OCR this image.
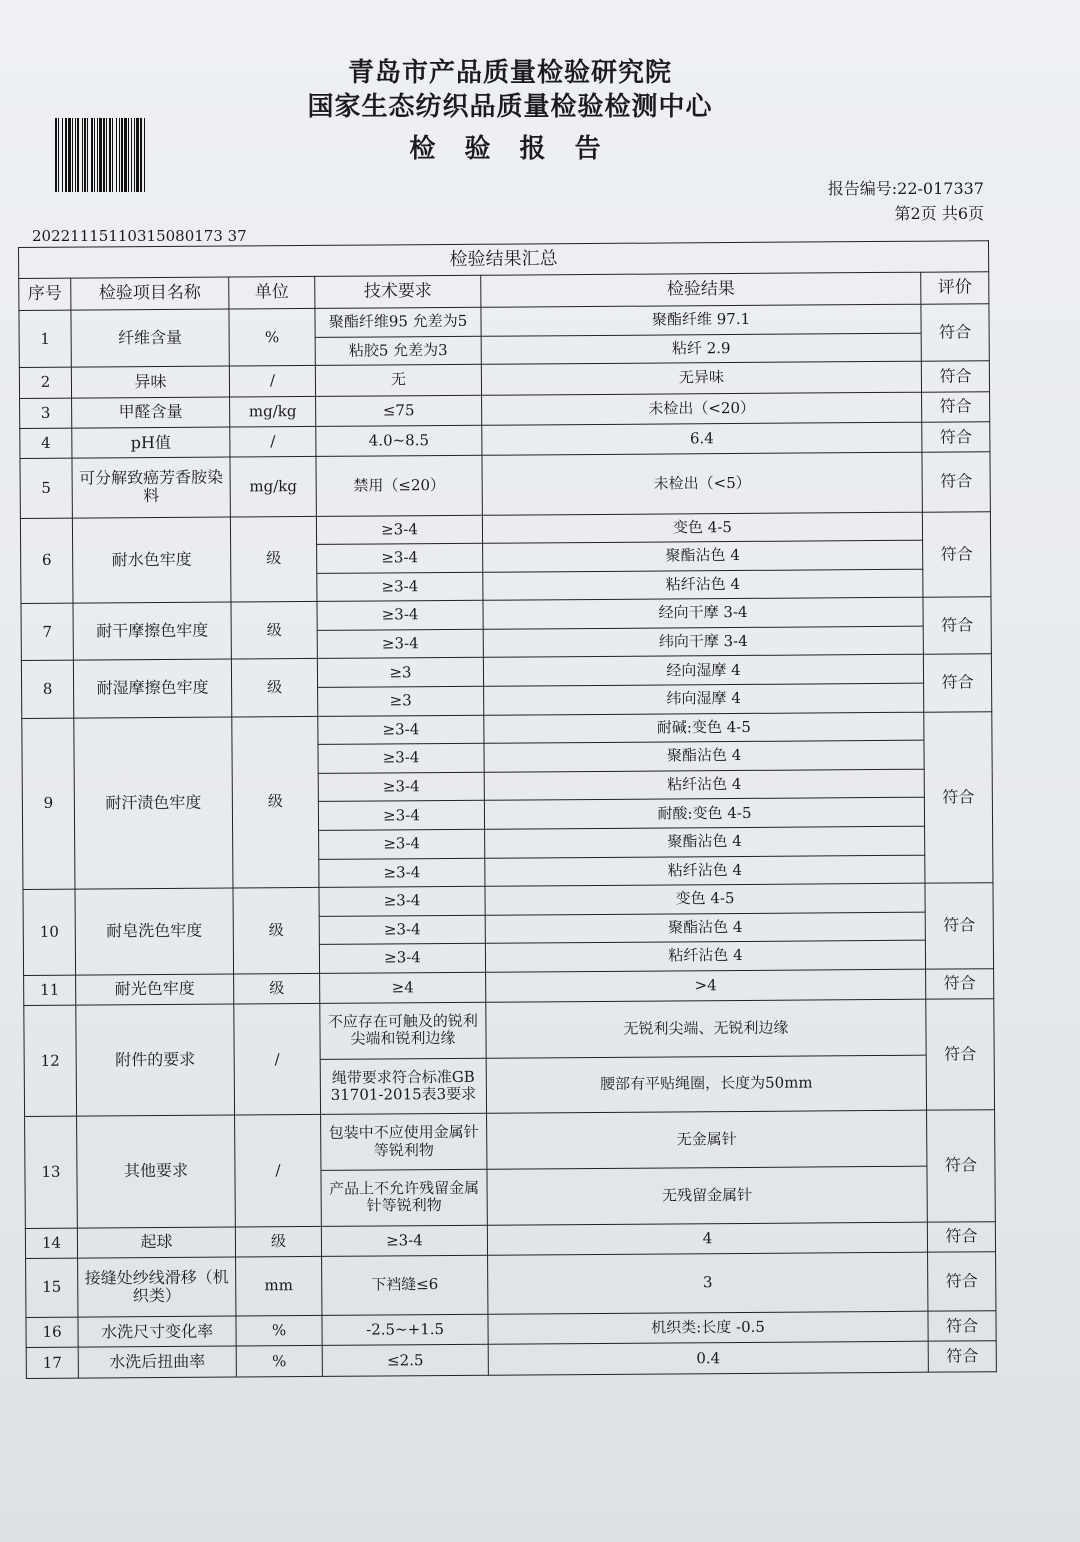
青岛市产品质量检验研究院
国家生态纺织品质量检验检测中心
检 验 报 告
20221115110315080173 37
报告编号:22-017337
第2页 共6页
检验结果汇总					
序号	检验项目名称	单位	技术要求	检验结果	评价
1	纤维含量	%	聚酯纤维95 允差为5	聚酯纤维 97.1	符合
			粘胶5 允差为3	粘纤 2.9	
2	异味	/	无	无异味	符合
3	甲醛含量	mg/kg	≤75	未检出（<20）	符合
4	pH值	/	4.0~8.5	6.4	符合
5	可分解致癌芳香胺染料	mg/kg	禁用（≤20）	未检出（<5）	符合
6	耐水色牢度	级	≥3-4	变色 4-5	符合
			≥3-4	聚酯沾色 4	
			≥3-4	粘纤沾色 4	
7	耐干摩擦色牢度	级	≥3-4	经向干摩 3-4	符合
			≥3-4	纬向干摩 3-4	
8	耐湿摩擦色牢度	级	≥3	经向湿摩 4	符合
			≥3	纬向湿摩 4	
9	耐汗渍色牢度	级	≥3-4	耐碱:变色 4-5	符合
			≥3-4	聚酯沾色 4	
			≥3-4	粘纤沾色 4	
			≥3-4	耐酸:变色 4-5	
			≥3-4	聚酯沾色 4	
			≥3-4	粘纤沾色 4	
10	耐皂洗色牢度	级	≥3-4	变色 4-5	符合
			≥3-4	聚酯沾色 4	
			≥3-4	粘纤沾色 4	
11	耐光色牢度	级	≥4	>4	符合
12	附件的要求	/	不应存在可触及的锐利尖端和锐利边缘	无锐利尖端、无锐利边缘	符合
			绳带要求符合标准GB 31701-2015表3要求	腰部有平贴绳圈，长度为50mm	
13	其他要求	/	包装中不应使用金属针等锐利物	无金属针	符合
			产品上不允许残留金属针等锐利物	无残留金属针	
14	起球	级	≥3-4	4	符合
15	接缝处纱线滑移（机织类）	mm	下裆缝≤6	3	符合
16	水洗尺寸变化率	%	-2.5~+1.5	机织类:长度 -0.5	符合
17	水洗后扭曲率	%	≤2.5	0.4	符合
